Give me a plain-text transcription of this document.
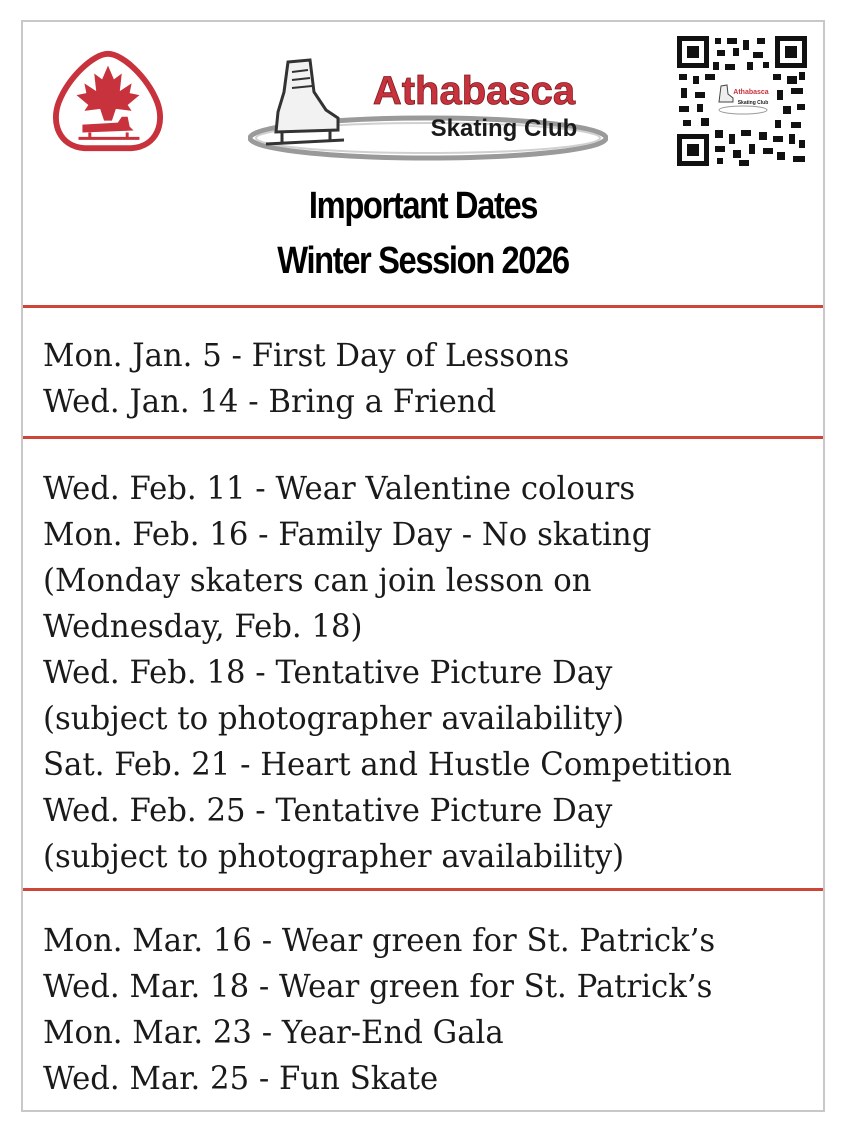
Athabasca
Skating Club
Athabasca
Skating Club
Important Dates
Winter Session 2026
Mon. Jan. 5 - First Day of Lessons
Wed. Jan. 14 - Bring a Friend
Wed. Feb. 11 - Wear Valentine colours
Mon. Feb. 16 - Family Day - No skating
(Monday skaters can join lesson on
Wednesday, Feb. 18)
Wed. Feb. 18 - Tentative Picture Day
(subject to photographer availability)
Sat. Feb. 21 - Heart and Hustle Competition
Wed. Feb. 25 - Tentative Picture Day
(subject to photographer availability)
Mon. Mar. 16 - Wear green for St. Patrick’s
Wed. Mar. 18 - Wear green for St. Patrick’s
Mon. Mar. 23 - Year-End Gala
Wed. Mar. 25 - Fun Skate
